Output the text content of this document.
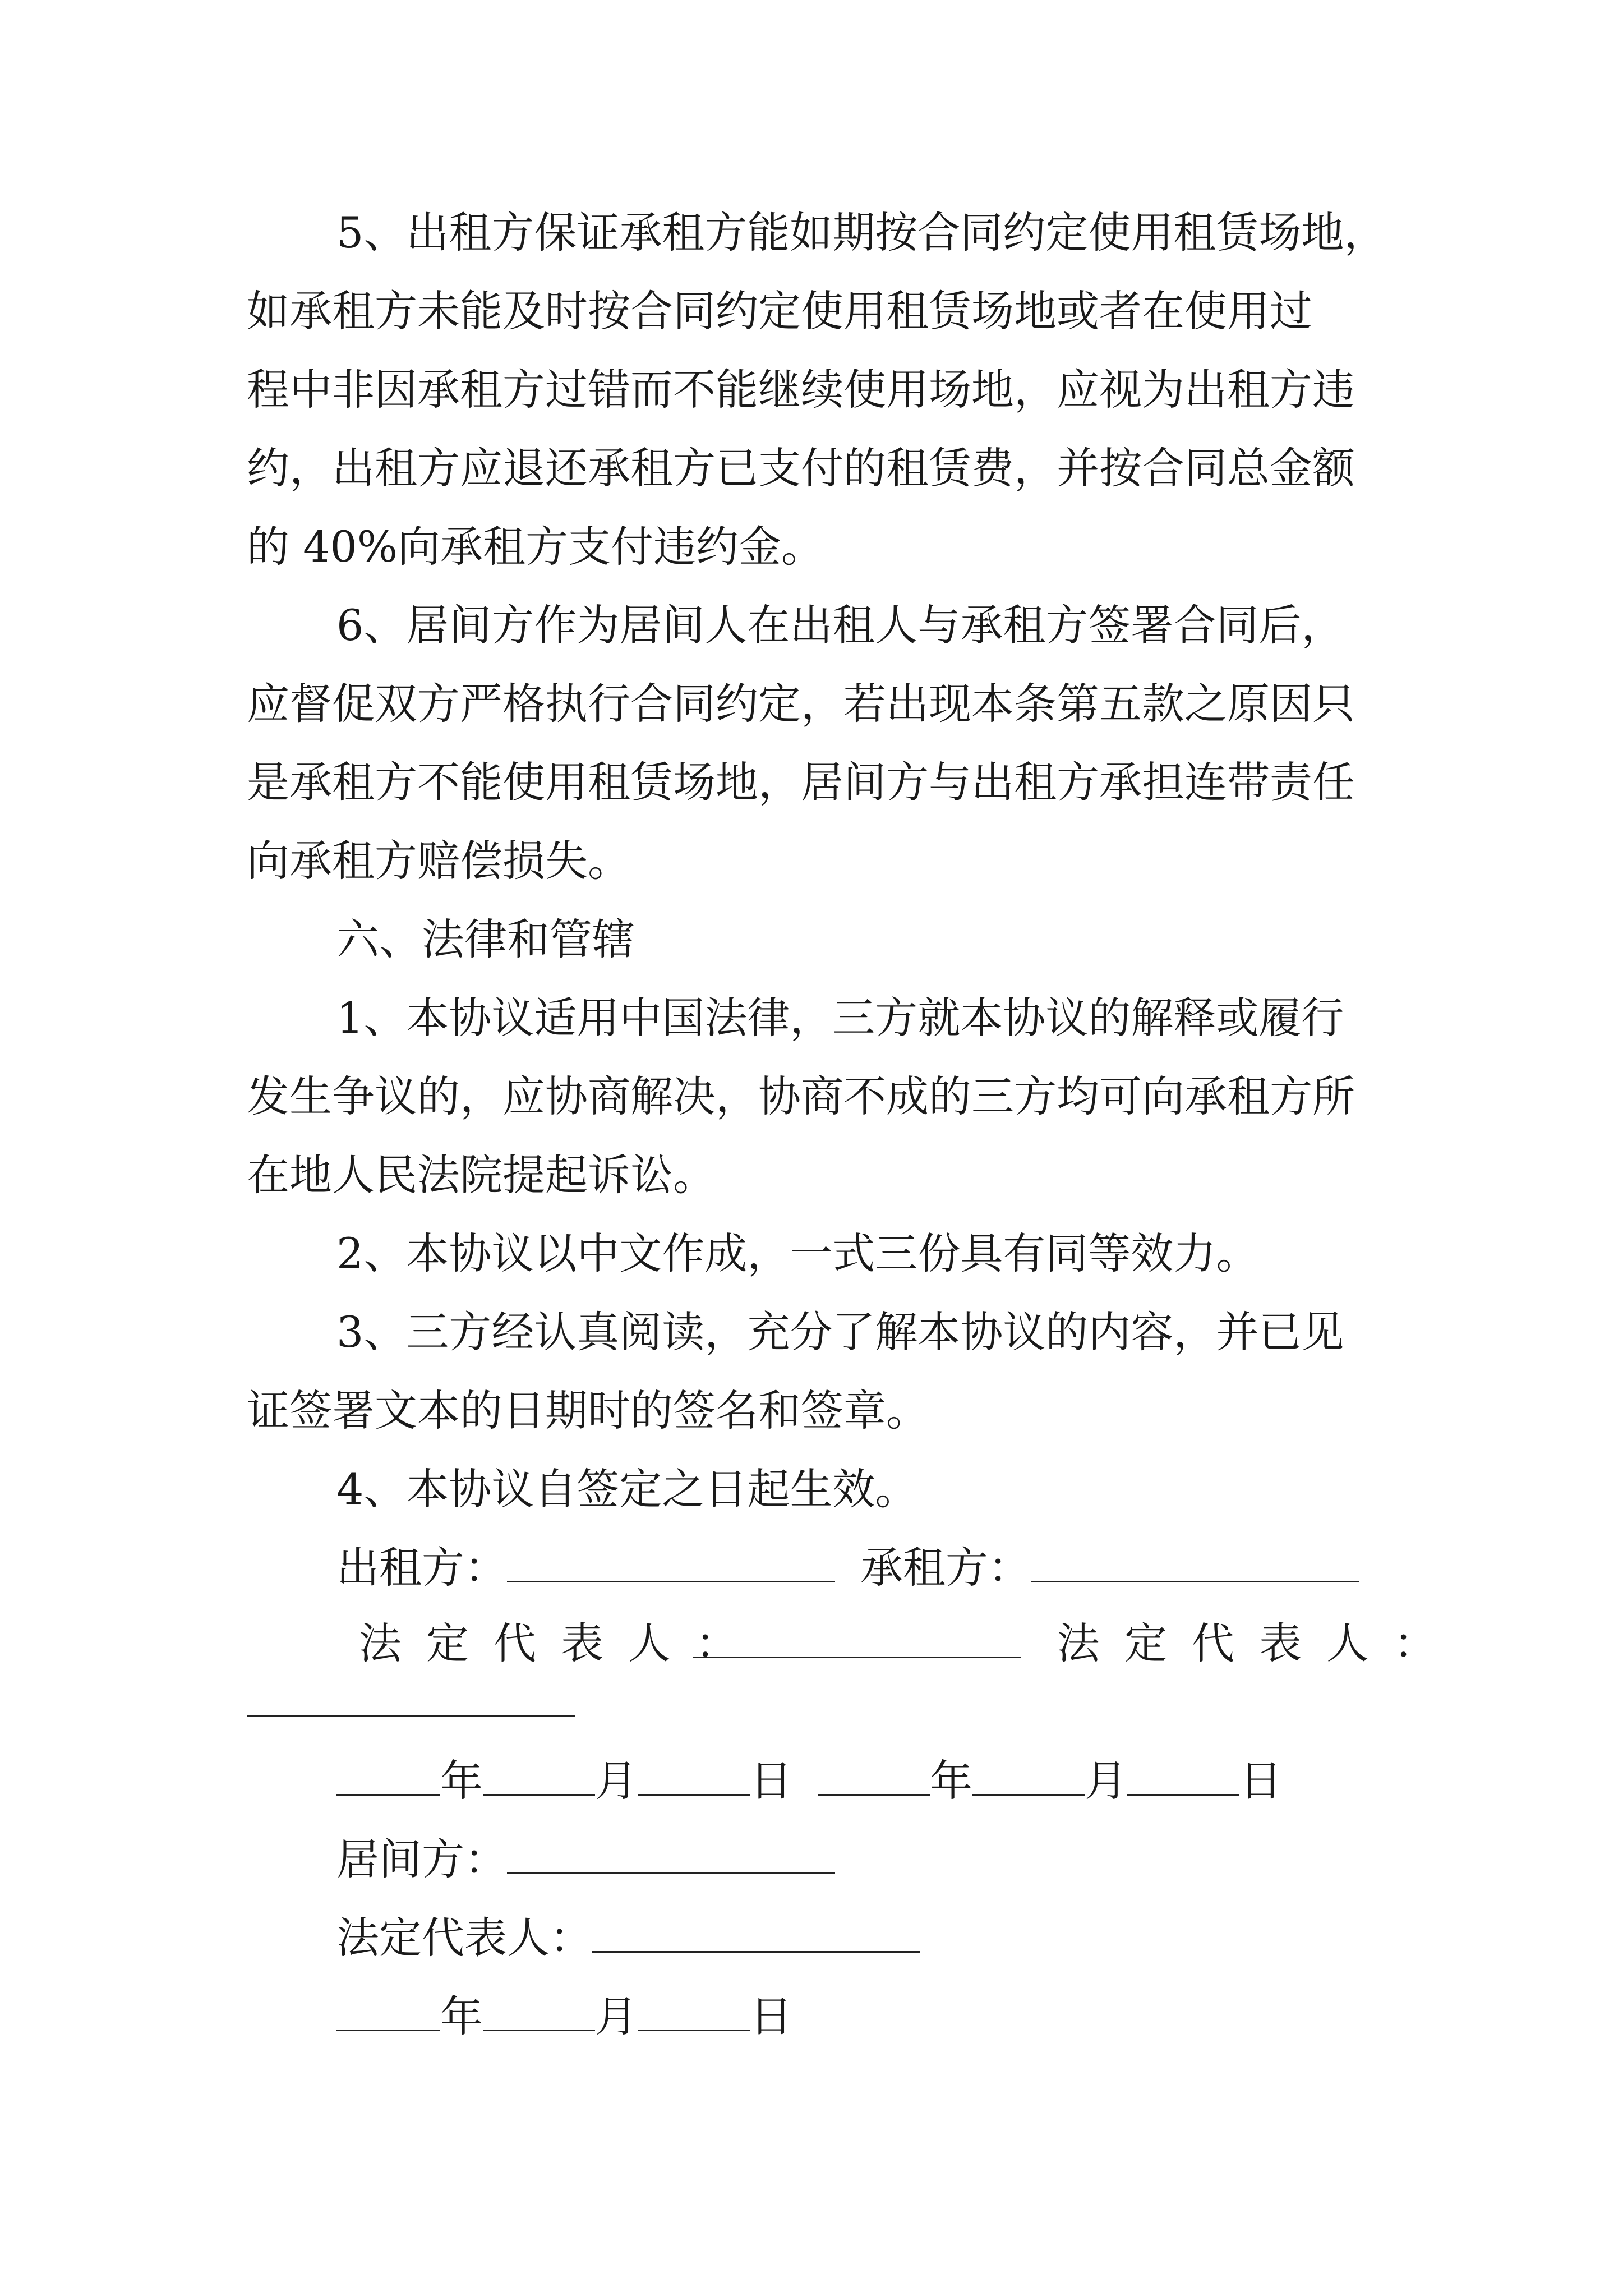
5、出租方保证承租方能如期按合同约定使用租赁场地，
如承租方未能及时按合同约定使用租赁场地或者在使用过
程中非因承租方过错而不能继续使用场地，应视为出租方违
约，出租方应退还承租方已支付的租赁费，并按合同总金额
的 40%向承租方支付违约金。
6、居间方作为居间人在出租人与承租方签署合同后，
应督促双方严格执行合同约定，若出现本条第五款之原因只
是承租方不能使用租赁场地，居间方与出租方承担连带责任
向承租方赔偿损失。
六、法律和管辖
1、本协议适用中国法律，三方就本协议的解释或履行
发生争议的，应协商解决，协商不成的三方均可向承租方所
在地人民法院提起诉讼。
2、本协议以中文作成，一式三份具有同等效力。
3、三方经认真阅读，充分了解本协议的内容，并已见
证签署文本的日期时的签名和签章。
4、本协议自签定之日起生效。
出租方：	承租方：
法定代表人：	法定代表人：
年	月	日	年	月	日
居间方：
法定代表人：
年	月	日
